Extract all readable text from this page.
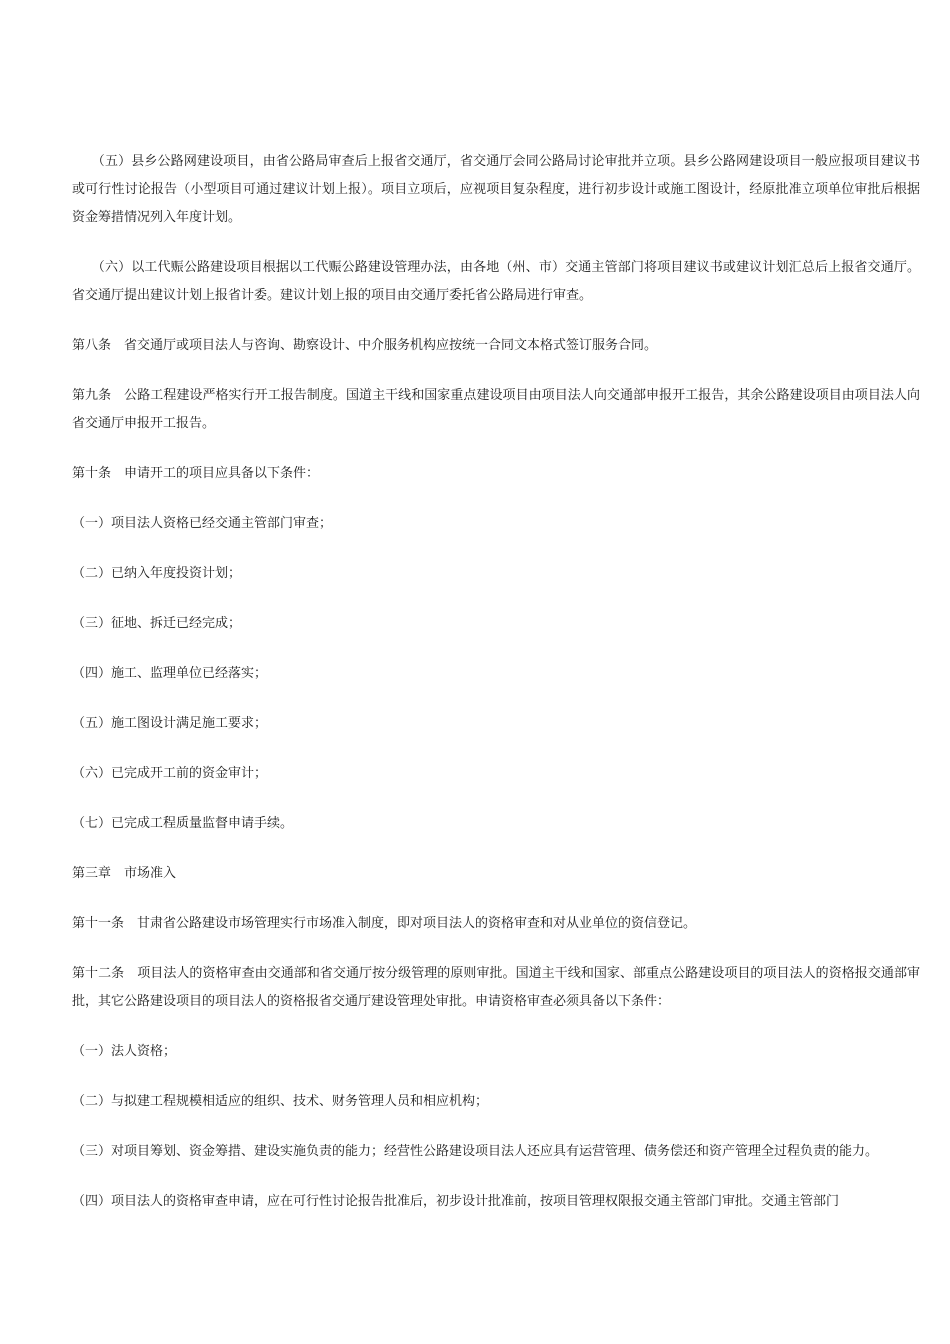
　　（五）县乡公路网建设项目，由省公路局审查后上报省交通厅，省交通厅会同公路局讨论审批并立项。县乡公路网建设项目一般应报项目建议书或可行性讨论报告（小型项目可通过建议计划上报）。项目立项后，应视项目复杂程度，进行初步设计或施工图设计，经原批准立项单位审批后根据资金筹措情况列入年度计划。

　　（六）以工代赈公路建设项目根据以工代赈公路建设管理办法，由各地（州、市）交通主管部门将项目建议书或建议计划汇总后上报省交通厅。省交通厅提出建议计划上报省计委。建议计划上报的项目由交通厅委托省公路局进行审查。

第八条　省交通厅或项目法人与咨询、勘察设计、中介服务机构应按统一合同文本格式签订服务合同。

第九条　公路工程建设严格实行开工报告制度。国道主干线和国家重点建设项目由项目法人向交通部申报开工报告，其余公路建设项目由项目法人向省交通厅申报开工报告。

第十条　申请开工的项目应具备以下条件：

（一）项目法人资格已经交通主管部门审查；

（二）已纳入年度投资计划；

（三）征地、拆迁已经完成；

（四）施工、监理单位已经落实；

（五）施工图设计满足施工要求；

（六）已完成开工前的资金审计；

（七）已完成工程质量监督申请手续。

第三章　市场准入

第十一条　甘肃省公路建设市场管理实行市场准入制度，即对项目法人的资格审查和对从业单位的资信登记。

第十二条　项目法人的资格审查由交通部和省交通厅按分级管理的原则审批。国道主干线和国家、部重点公路建设项目的项目法人的资格报交通部审批，其它公路建设项目的项目法人的资格报省交通厅建设管理处审批。申请资格审查必须具备以下条件：

（一）法人资格；

（二）与拟建工程规模相适应的组织、技术、财务管理人员和相应机构；

（三）对项目筹划、资金筹措、建设实施负责的能力；经营性公路建设项目法人还应具有运营管理、债务偿还和资产管理全过程负责的能力。

（四）项目法人的资格审查申请，应在可行性讨论报告批准后，初步设计批准前，按项目管理权限报交通主管部门审批。交通主管部门
